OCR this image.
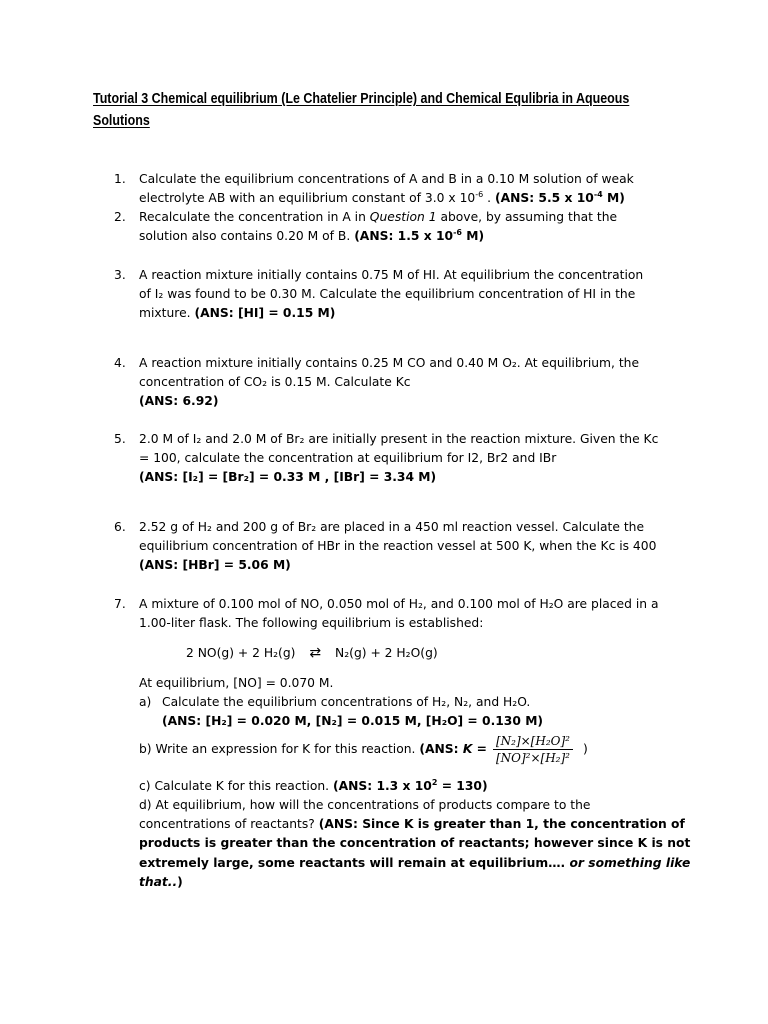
Tutorial 3 Chemical equilibrium (Le Chatelier Principle) and Chemical Equlibria in Aqueous
Solutions
1.	Calculate the equilibrium concentrations of A and B in a 0.10 M solution of weak
electrolyte AB with an equilibrium constant of 3.0 x $10^{-6}$ . (ANS: 5.5 x $10^{-4}$ M)
2.	Recalculate the concentration in A in Question 1 above, by assuming that the
solution also contains 0.20 M of B. (ANS: 1.5 x $10^{-6}$ M)
3.	A reaction mixture initially contains 0.75 M of HI. At equilibrium the concentration
of I₂ was found to be 0.30 M. Calculate the equilibrium concentration of HI in the
mixture. (ANS: [HI] = 0.15 M)
4.	A reaction mixture initially contains 0.25 M CO and 0.40 M O₂. At equilibrium, the
concentration of CO₂ is 0.15 M. Calculate Kc
(ANS: 6.92)
5.	2.0 M of I₂ and 2.0 M of Br₂ are initially present in the reaction mixture. Given the Kc
= 100, calculate the concentration at equilibrium for I2, Br2 and IBr
(ANS: [I₂] = [Br₂] = 0.33 M , [IBr] = 3.34 M)
6.	2.52 g of H₂ and 200 g of Br₂ are placed in a 450 ml reaction vessel. Calculate the
equilibrium concentration of HBr in the reaction vessel at 500 K, when the Kc is 400
(ANS: [HBr] = 5.06 M)
7.	A mixture of 0.100 mol of NO, 0.050 mol of H₂, and 0.100 mol of H₂O are placed in a
1.00-liter flask. The following equilibrium is established:
2 NO(g) + 2 H₂(g) ⇄ N₂(g) + 2 H₂O(g)
At equilibrium, [NO] = 0.070 M.
a) Calculate the equilibrium concentrations of H₂, N₂, and H₂O.
(ANS: [H₂] = 0.020 M, [N₂] = 0.015 M, [H₂O] = 0.130 M)
b) Write an expression for K for this reaction. (ANS: $K = \frac{\text{[N₂]×[H₂O]²}}{\text{[NO]²×[H₂]²}}$ )
c) Calculate K for this reaction. (ANS: 1.3 x $10^2 = 130$)
d) At equilibrium, how will the concentrations of products compare to the
concentrations of reactants? (ANS: Since K is greater than 1, the concentration of
products is greater than the concentration of reactants; however since K is not
extremely large, some reactants will remain at equilibrium…. or something like
that..)
